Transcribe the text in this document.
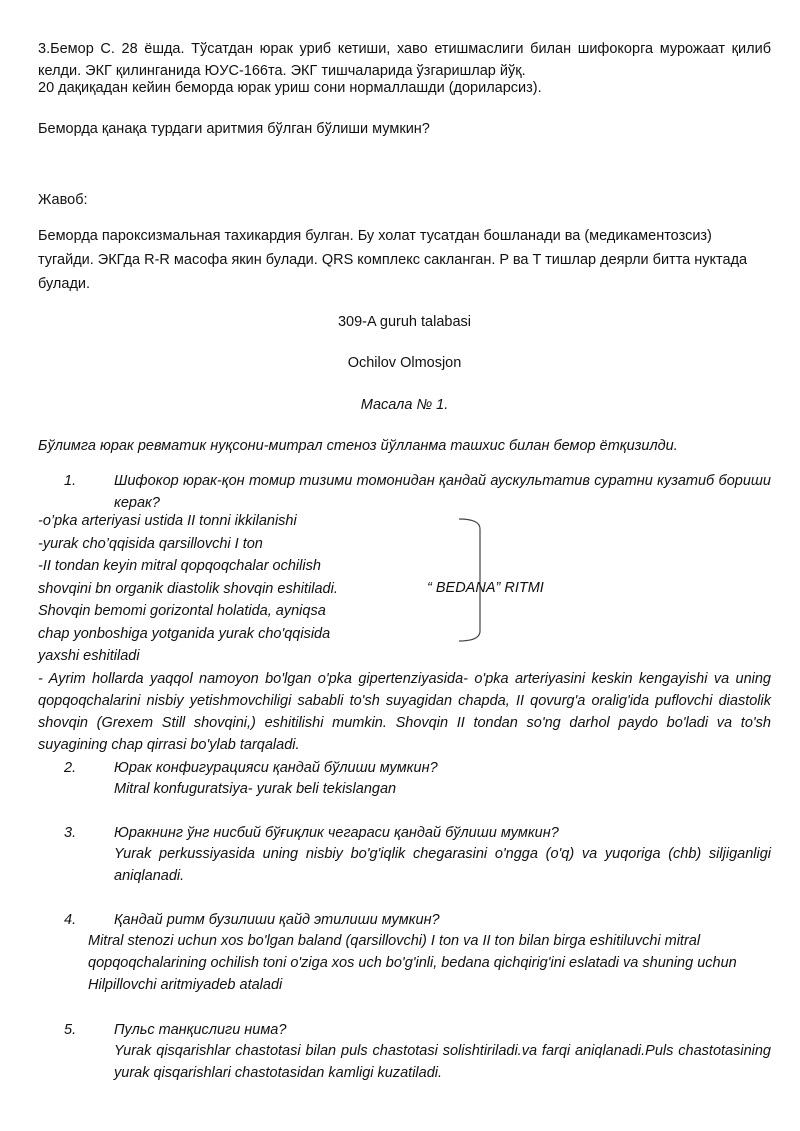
3.Бемор С. 28 ёшда. Тўсатдан юрак уриб кетиши, хаво етишмаслиги билан шифокорга мурожаат қилиб келди. ЭКГ қилинганида ЮУС-166та. ЭКГ тишчаларида ўзгаришлар йўқ.

20 дақиқадан кейин беморда юрак уриш сони нормаллашди (дориларсиз).

Беморда қанақа турдаги аритмия бўлган бўлиши мумкин?

Жавоб:

Беморда пароксизмальная тахикардия булган. Бу холат тусатдан бошланади ва (медикаментозсиз) тугайди. ЭКГда R-R масофа якин булади. QRS комплекс сакланган. P ва T тишлар деярли битта нуктада булади.

309-A guruh talabasi

Ochilov Olmosjon

Масала № 1.

Бўлимга юрак ревматик нуқсони-митрал стеноз йўлланма ташхис билан бемор ётқизилди.

1.	Шифокор юрак-қон томир тизими томонидан қандай аускультатив суратни кузатиб бориши керак?

-o’pka arteriyasi ustida II tonni ikkilanishi

-yurak cho’qqisida qarsillovchi I ton

-II tondan keyin mitral qopqoqchalar ochilish

shovqini bn organik diastolik shovqin eshitiladi.

Shovqin bemomi gorizontal holatida, ayniqsa

chap yonboshiga yotganida yurak cho'qqisida

yaxshi eshitiladi

“ BEDANA” RITMI

- Ayrim hollarda yaqqol namoyon bo'lgan o'pka gipertenziyasida- o'pka arteriyasini keskin kengayishi va uning qopqoqchalarini nisbiy yetishmovchiligi sababli to'sh suyagidan chapda, II qovurg'a oralig'ida puflovchi diastolik shovqin (Grexem Still shovqini,) eshitilishi mumkin. Shovqin II tondan so'ng darhol paydo bo'ladi va to'sh suyagining chap qirrasi bo'ylab tarqaladi.

2.	Юрак конфигурацияси қандай бўлиши мумкин?

Mitral konfuguratsiya- yurak beli tekislangan

3.	Юракнинг ўнг нисбий бўғиқлик чегараси қандай бўлиши мумкин?

Yurak perkussiyasida uning nisbiy bo'g'iqlik chegarasini o'ngga (o'q) va yuqoriga (chb) siljiganligi aniqlanadi.

4.	Қандай ритм бузилиши қайд этилиши мумкин?

Mitral stenozi uchun xos bo'lgan baland (qarsillovchi) I ton va II ton bilan birga eshitiluvchi mitral qopqoqchalarining ochilish toni o'ziga xos uch bo'g'inli, bedana qichqirig'ini eslatadi va shuning uchun Hilpillovchi aritmiyadeb ataladi

5.	Пульс танқислиги нима?

Yurak qisqarishlar chastotasi bilan puls chastotasi solishtiriladi.va farqi aniqlanadi.Puls chastotasining yurak qisqarishlari chastotasidan kamligi kuzatiladi.
